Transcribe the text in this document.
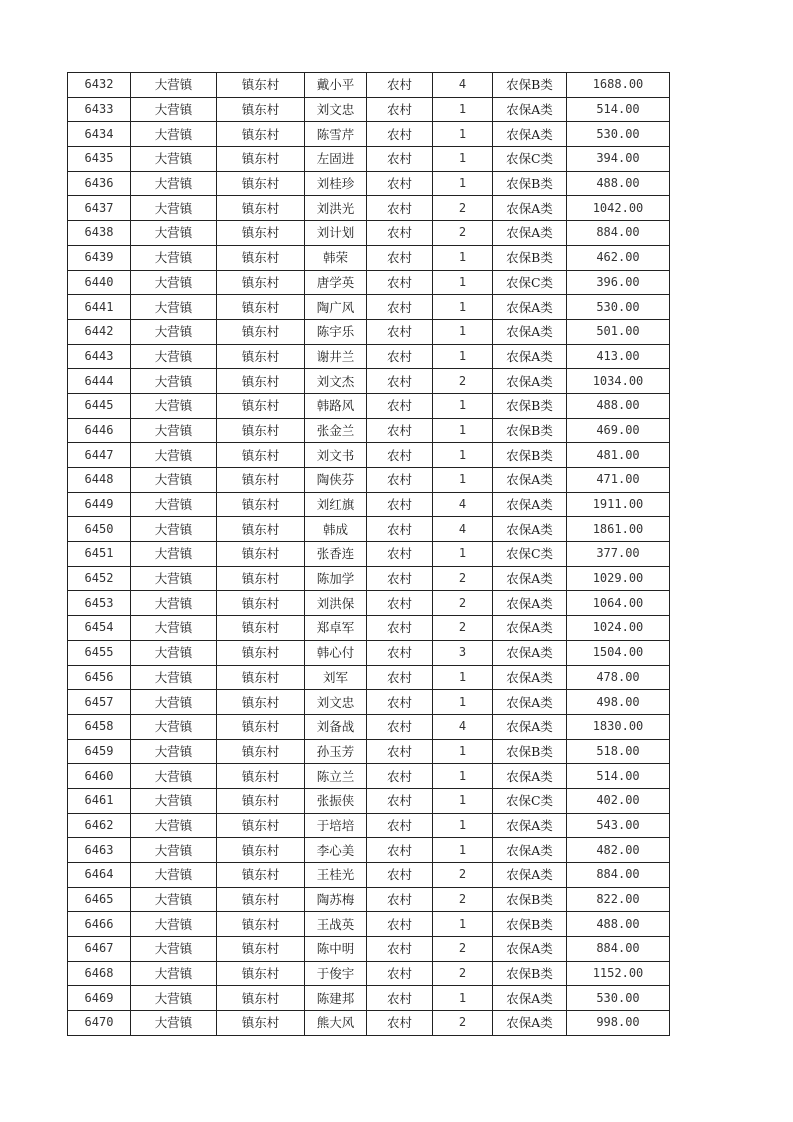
6432	大营镇	镇东村	戴小平	农村	4	农保B类	1688.00
6433	大营镇	镇东村	刘文忠	农村	1	农保A类	514.00
6434	大营镇	镇东村	陈雪芹	农村	1	农保A类	530.00
6435	大营镇	镇东村	左固进	农村	1	农保C类	394.00
6436	大营镇	镇东村	刘桂珍	农村	1	农保B类	488.00
6437	大营镇	镇东村	刘洪光	农村	2	农保A类	1042.00
6438	大营镇	镇东村	刘计划	农村	2	农保A类	884.00
6439	大营镇	镇东村	韩荣	农村	1	农保B类	462.00
6440	大营镇	镇东村	唐学英	农村	1	农保C类	396.00
6441	大营镇	镇东村	陶广风	农村	1	农保A类	530.00
6442	大营镇	镇东村	陈宇乐	农村	1	农保A类	501.00
6443	大营镇	镇东村	谢井兰	农村	1	农保A类	413.00
6444	大营镇	镇东村	刘文杰	农村	2	农保A类	1034.00
6445	大营镇	镇东村	韩路风	农村	1	农保B类	488.00
6446	大营镇	镇东村	张金兰	农村	1	农保B类	469.00
6447	大营镇	镇东村	刘文书	农村	1	农保B类	481.00
6448	大营镇	镇东村	陶侠芬	农村	1	农保A类	471.00
6449	大营镇	镇东村	刘红旗	农村	4	农保A类	1911.00
6450	大营镇	镇东村	韩成	农村	4	农保A类	1861.00
6451	大营镇	镇东村	张香连	农村	1	农保C类	377.00
6452	大营镇	镇东村	陈加学	农村	2	农保A类	1029.00
6453	大营镇	镇东村	刘洪保	农村	2	农保A类	1064.00
6454	大营镇	镇东村	郑卓军	农村	2	农保A类	1024.00
6455	大营镇	镇东村	韩心付	农村	3	农保A类	1504.00
6456	大营镇	镇东村	刘军	农村	1	农保A类	478.00
6457	大营镇	镇东村	刘文忠	农村	1	农保A类	498.00
6458	大营镇	镇东村	刘备战	农村	4	农保A类	1830.00
6459	大营镇	镇东村	孙玉芳	农村	1	农保B类	518.00
6460	大营镇	镇东村	陈立兰	农村	1	农保A类	514.00
6461	大营镇	镇东村	张振侠	农村	1	农保C类	402.00
6462	大营镇	镇东村	于培培	农村	1	农保A类	543.00
6463	大营镇	镇东村	李心美	农村	1	农保A类	482.00
6464	大营镇	镇东村	王桂光	农村	2	农保A类	884.00
6465	大营镇	镇东村	陶苏梅	农村	2	农保B类	822.00
6466	大营镇	镇东村	王战英	农村	1	农保B类	488.00
6467	大营镇	镇东村	陈中明	农村	2	农保A类	884.00
6468	大营镇	镇东村	于俊宇	农村	2	农保B类	1152.00
6469	大营镇	镇东村	陈建邦	农村	1	农保A类	530.00
6470	大营镇	镇东村	熊大风	农村	2	农保A类	998.00
